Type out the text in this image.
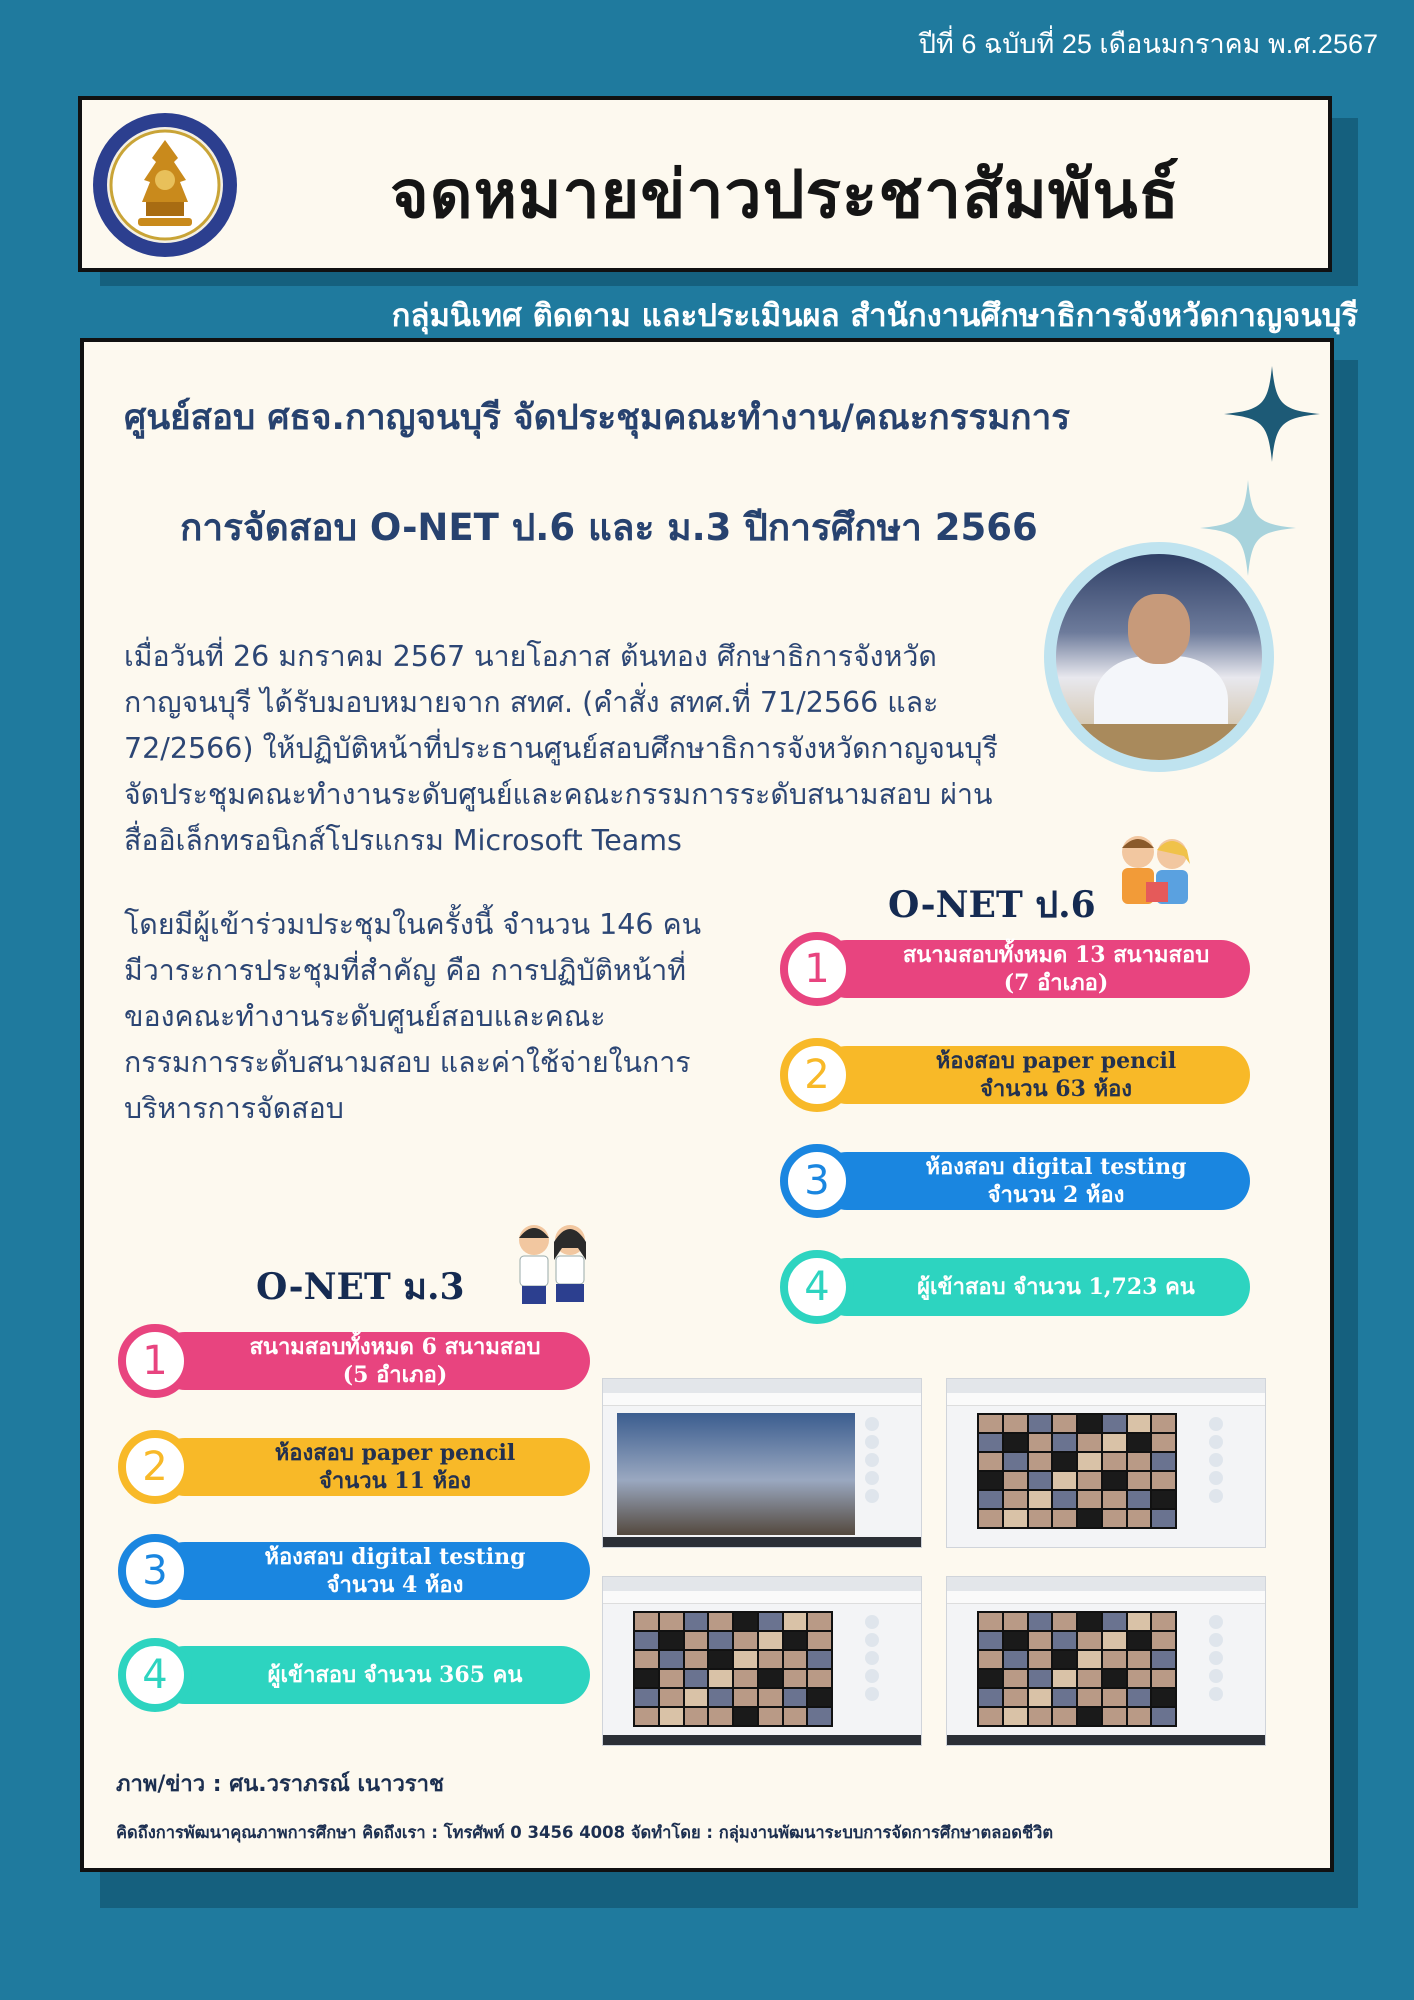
ปีที่ 6 ฉบับที่ 25 เดือนมกราคม พ.ศ.2567
จดหมายข่าวประชาสัมพันธ์
กลุ่มนิเทศ ติดตาม และประเมินผล สำนักงานศึกษาธิการจังหวัดกาญจนบุรี
ศูนย์สอบ ศธจ.กาญจนบุรี จัดประชุมคณะทำงาน/คณะกรรมการ
การจัดสอบ O-NET ป.6 และ ม.3 ปีการศึกษา 2566
เมื่อวันที่ 26 มกราคม 2567 นายโอภาส ต้นทอง ศึกษาธิการจังหวัดกาญจนบุรี ได้รับมอบหมายจาก สทศ. (คำสั่ง สทศ.ที่ 71/2566 และ 72/2566) ให้ปฏิบัติหน้าที่ประธานศูนย์สอบศึกษาธิการจังหวัดกาญจนบุรี จัดประชุมคณะทำงานระดับศูนย์และคณะกรรมการระดับสนามสอบ ผ่านสื่ออิเล็กทรอนิกส์โปรแกรม Microsoft Teams
โดยมีผู้เข้าร่วมประชุมในครั้งนี้ จำนวน 146 คน มีวาระการประชุมที่สำคัญ คือ การปฏิบัติหน้าที่ของคณะทำงานระดับศูนย์สอบและคณะกรรมการระดับสนามสอบ และค่าใช้จ่ายในการบริหารการจัดสอบ
O-NET ป.6
สนามสอบทั้งหมด 13 สนามสอบ
(7 อำเภอ)
1
ห้องสอบ paper pencil
จำนวน 63 ห้อง
2
ห้องสอบ digital testing
จำนวน 2 ห้อง
3
ผู้เข้าสอบ จำนวน 1,723 คน
4
O-NET ม.3
สนามสอบทั้งหมด 6 สนามสอบ
(5 อำเภอ)
1
ห้องสอบ paper pencil
จำนวน 11 ห้อง
2
ห้องสอบ digital testing
จำนวน 4 ห้อง
3
ผู้เข้าสอบ จำนวน 365 คน
4
ภาพ/ข่าว : ศน.วราภรณ์ เนาวราช
คิดถึงการพัฒนาคุณภาพการศึกษา คิดถึงเรา : โทรศัพท์ 0 3456 4008 จัดทำโดย : กลุ่มงานพัฒนาระบบการจัดการศึกษาตลอดชีวิต
